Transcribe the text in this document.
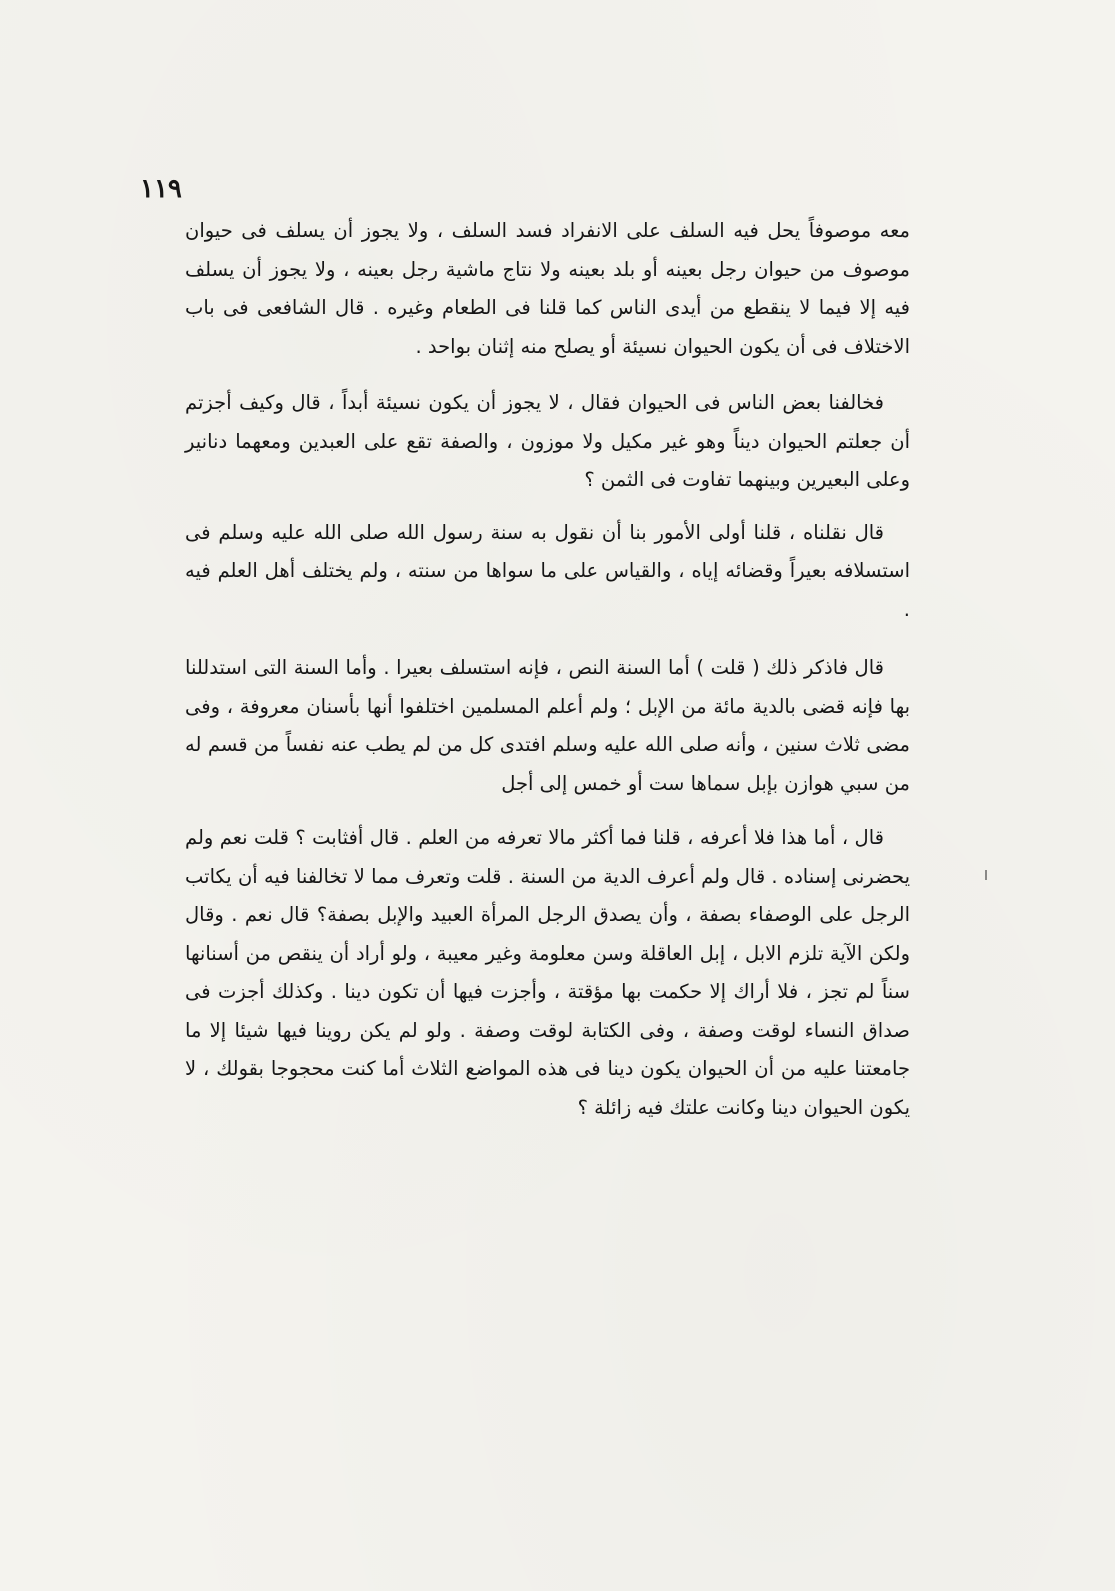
١١٩

معه موصوفاً يحل فيه السلف على الانفراد فسد السلف ، ولا يجوز أن يسلف فى حيوان موصوف من حيوان رجل بعينه أو بلد بعينه ولا نتاج ماشية رجل بعينه ، ولا يجوز أن يسلف فيه إلا فيما لا ينقطع من أيدى الناس كما قلنا فى الطعام وغيره . قال الشافعى فى باب الاختلاف فى أن يكون الحيوان نسيئة أو يصلح منه إثنان بواحد .

فخالفنا بعض الناس فى الحيوان فقال ، لا يجوز أن يكون نسيئة أبداً ، قال وكيف أجزتم أن جعلتم الحيوان ديناً وهو غير مكيل ولا موزون ، والصفة تقع على العبدين ومعهما دنانير وعلى البعيرين وبينهما تفاوت فى الثمن ؟

قال نقلناه ، قلنا أولى الأمور بنا أن نقول به سنة رسول الله صلى الله عليه وسلم فى استسلافه بعيراً وقضائه إياه ، والقياس على ما سواها من سنته ، ولم يختلف أهل العلم فيه .

قال فاذكر ذلك ( قلت ) أما السنة النص ، فإنه استسلف بعيرا . وأما السنة التى استدللنا بها فإنه قضى بالدية مائة من الإبل ؛ ولم أعلم المسلمين اختلفوا أنها بأسنان معروفة ، وفى مضى ثلاث سنين ، وأنه صلى الله عليه وسلم افتدى كل من لم يطب عنه نفساً من قسم له من سبي هوازن بإبل سماها ست أو خمس إلى أجل

قال ، أما هذا فلا أعرفه ، قلنا فما أكثر مالا تعرفه من العلم . قال أفثابت ؟ قلت نعم ولم يحضرنى إسناده . قال ولم أعرف الدية من السنة . قلت وتعرف مما لا تخالفنا فيه أن يكاتب الرجل على الوصفاء بصفة ، وأن يصدق الرجل المرأة العبيد والإبل بصفة؟ قال نعم . وقال ولكن الآية تلزم الابل ، إبل العاقلة وسن معلومة وغير معيبة ، ولو أراد أن ينقص من أسنانها سناً لم تجز ، فلا أراك إلا حكمت بها مؤقتة ، وأجزت فيها أن تكون دينا . وكذلك أجزت فى صداق النساء لوقت وصفة ، وفى الكتابة لوقت وصفة . ولو لم يكن روينا فيها شيئا إلا ما جامعتنا عليه من أن الحيوان يكون دينا فى هذه المواضع الثلاث أما كنت محجوجا بقولك ، لا يكون الحيوان دينا وكانت علتك فيه زائلة ؟
